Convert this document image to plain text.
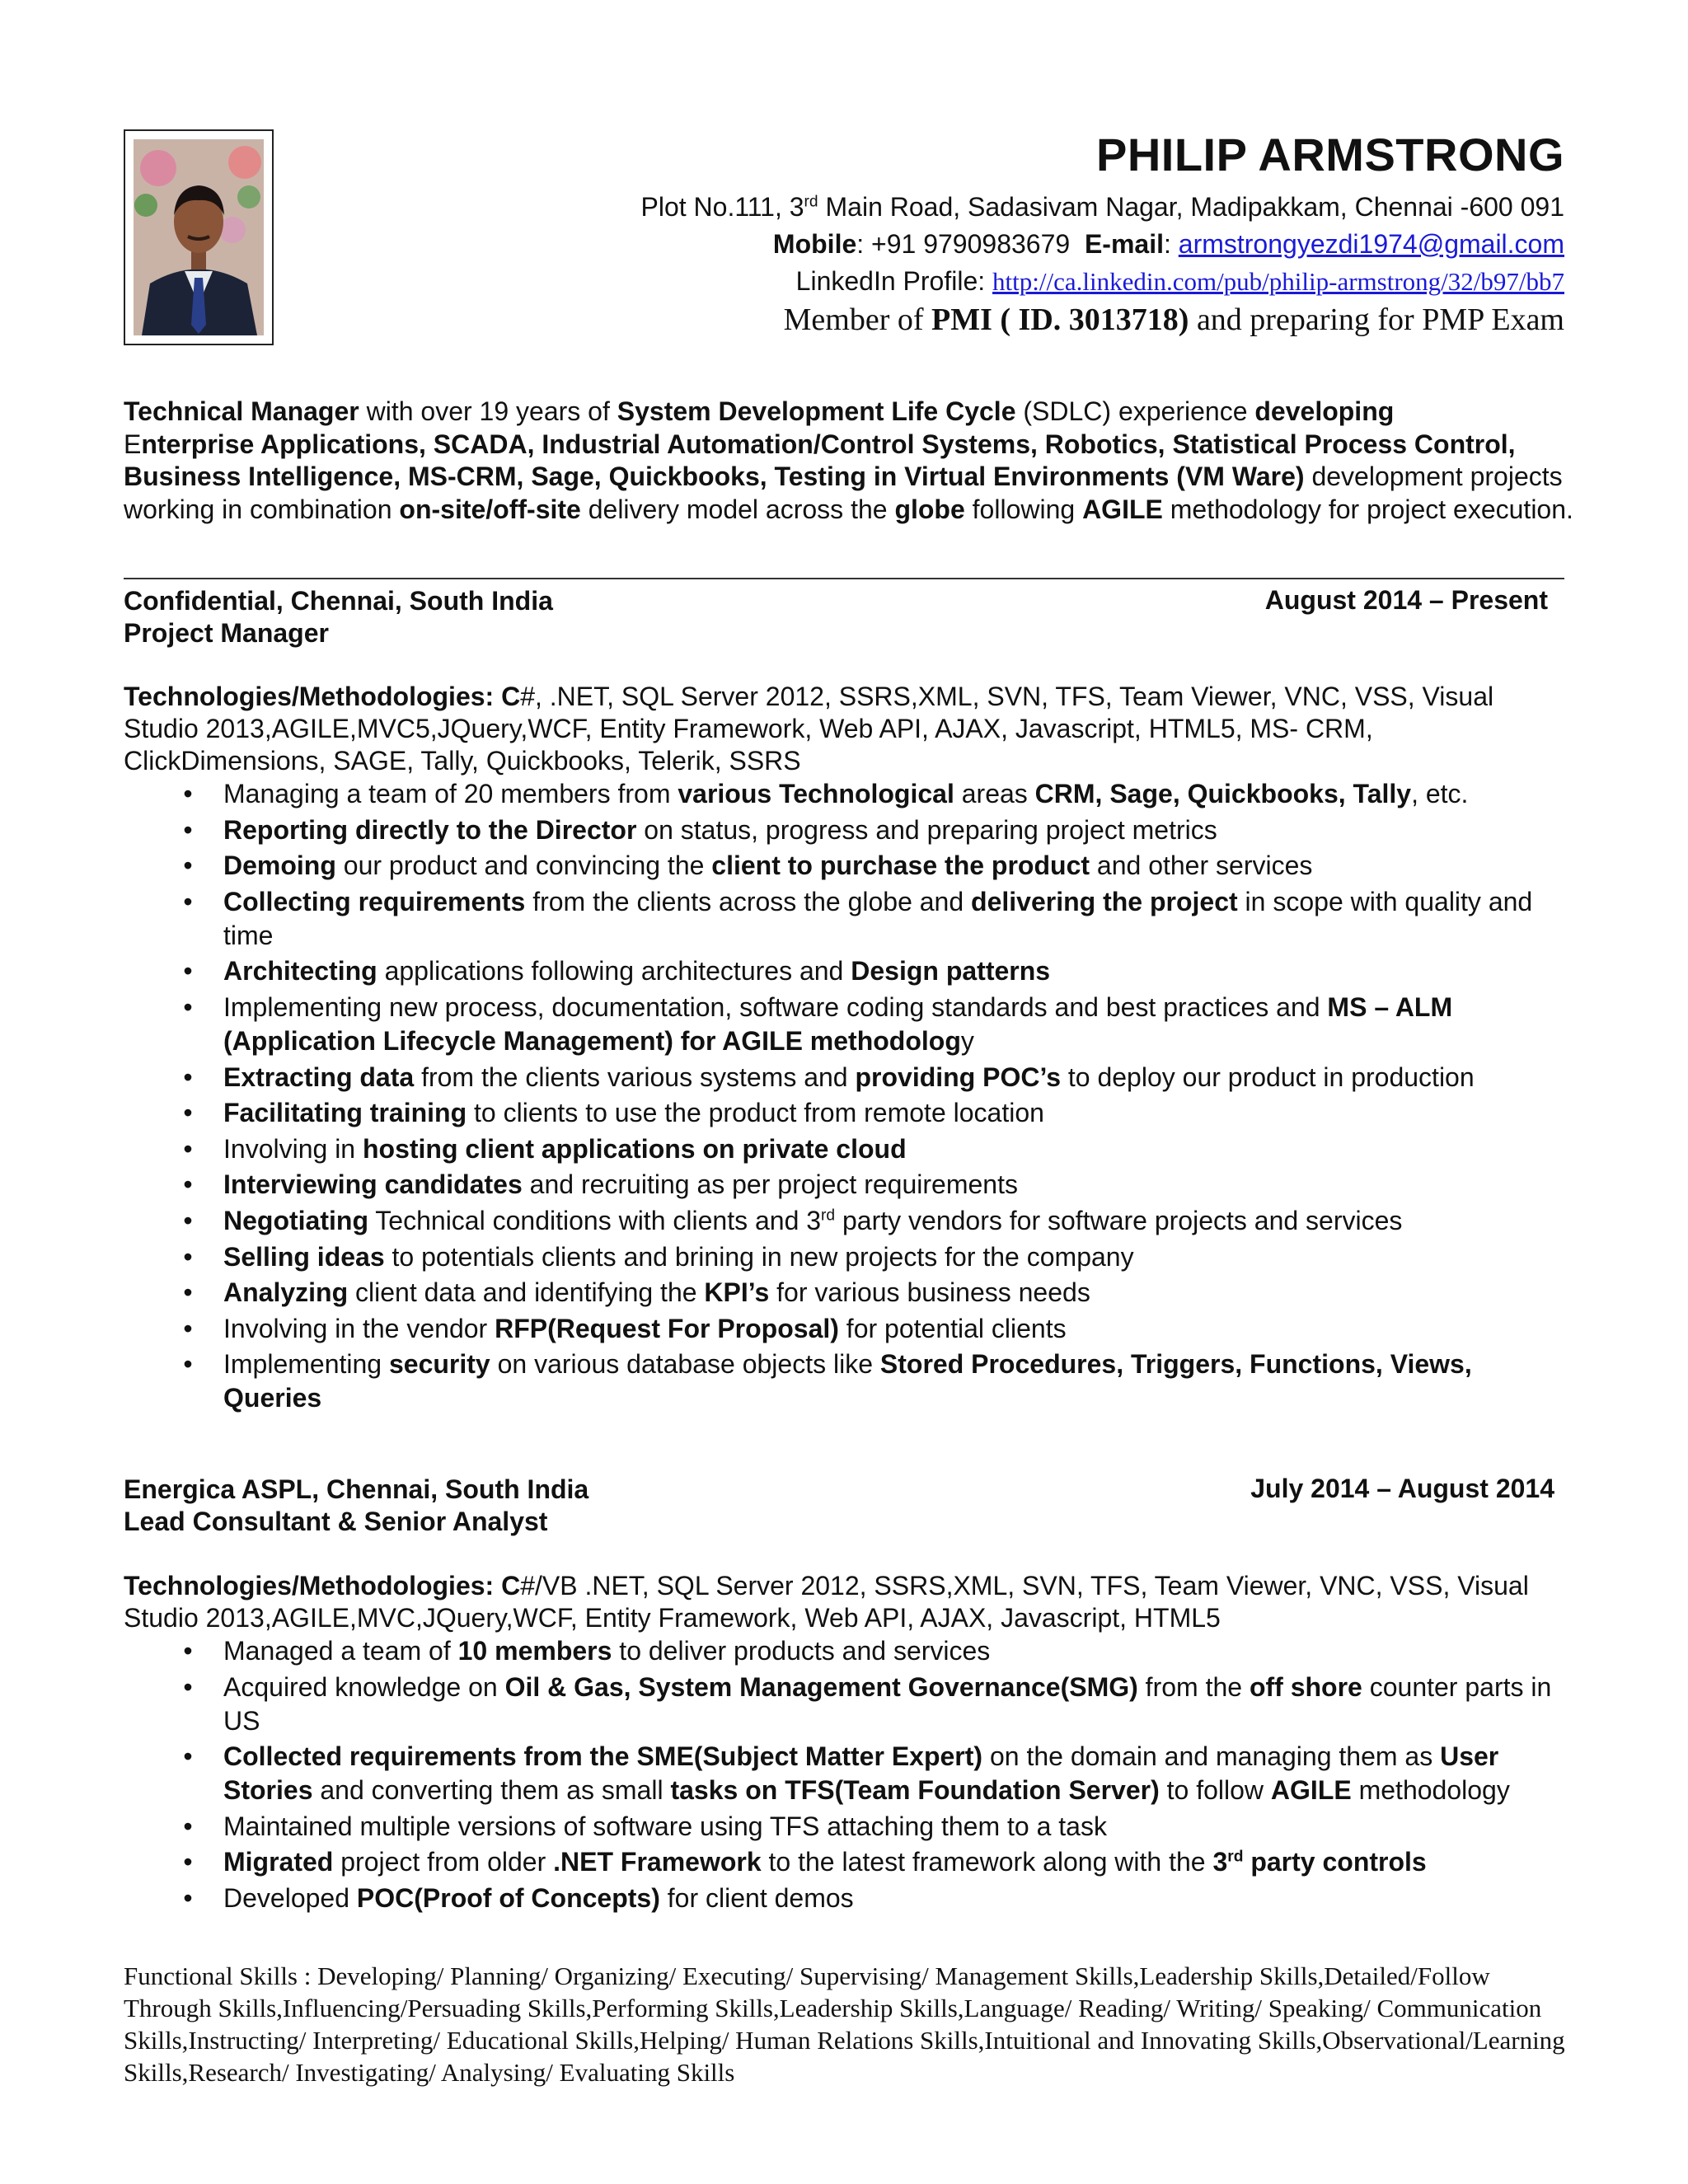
PHILIP ARMSTRONG
Plot No.111, 3rd Main Road, Sadasivam Nagar, Madipakkam, Chennai -600 091
Mobile: +91 9790983679 E-mail: armstrongyezdi1974@gmail.com
LinkedIn Profile: http://ca.linkedin.com/pub/philip-armstrong/32/b97/bb7
Member of PMI ( ID. 3013718) and preparing for PMP Exam
Technical Manager with over 19 years of System Development Life Cycle (SDLC) experience developing
Enterprise Applications, SCADA, Industrial Automation/Control Systems, Robotics, Statistical Process Control, Business Intelligence, MS-CRM, Sage, Quickbooks, Testing in Virtual Environments (VM Ware) development projects working in combination on-site/off-site delivery model across the globe following AGILE methodology for project execution.
Confidential, Chennai, South India
Project Manager
August 2014 – Present
Technologies/Methodologies: C#, .NET, SQL Server 2012, SSRS,XML, SVN, TFS, Team Viewer, VNC, VSS, Visual Studio 2013,AGILE,MVC5,JQuery,WCF, Entity Framework, Web API, AJAX, Javascript, HTML5, MS- CRM, ClickDimensions, SAGE, Tally, Quickbooks, Telerik, SSRS
• Managing a team of 20 members from various Technological areas CRM, Sage, Quickbooks, Tally, etc.
• Reporting directly to the Director on status, progress and preparing project metrics
• Demoing our product and convincing the client to purchase the product and other services
• Collecting requirements from the clients across the globe and delivering the project in scope with quality and time
• Architecting applications following architectures and Design patterns
• Implementing new process, documentation, software coding standards and best practices and MS – ALM (Application Lifecycle Management) for AGILE methodology
• Extracting data from the clients various systems and providing POC’s to deploy our product in production
• Facilitating training to clients to use the product from remote location
• Involving in hosting client applications on private cloud
• Interviewing candidates and recruiting as per project requirements
• Negotiating Technical conditions with clients and 3rd party vendors for software projects and services
• Selling ideas to potentials clients and brining in new projects for the company
• Analyzing client data and identifying the KPI’s for various business needs
• Involving in the vendor RFP(Request For Proposal) for potential clients
• Implementing security on various database objects like Stored Procedures, Triggers, Functions, Views, Queries
Energica ASPL, Chennai, South India
Lead Consultant & Senior Analyst
July 2014 – August 2014
Technologies/Methodologies: C#/VB .NET, SQL Server 2012, SSRS,XML, SVN, TFS, Team Viewer, VNC, VSS, Visual Studio 2013,AGILE,MVC,JQuery,WCF, Entity Framework, Web API, AJAX, Javascript, HTML5
• Managed a team of 10 members to deliver products and services
• Acquired knowledge on Oil & Gas, System Management Governance(SMG) from the off shore counter parts in US
• Collected requirements from the SME(Subject Matter Expert) on the domain and managing them as User Stories and converting them as small tasks on TFS(Team Foundation Server) to follow AGILE methodology
• Maintained multiple versions of software using TFS attaching them to a task
• Migrated project from older .NET Framework to the latest framework along with the 3rd party controls
• Developed POC(Proof of Concepts) for client demos
Functional Skills : Developing/ Planning/ Organizing/ Executing/ Supervising/ Management Skills,Leadership Skills,Detailed/Follow Through Skills,Influencing/Persuading Skills,Performing Skills,Leadership Skills,Language/ Reading/ Writing/ Speaking/ Communication Skills,Instructing/ Interpreting/ Educational Skills,Helping/ Human Relations Skills,Intuitional and Innovating Skills,Observational/Learning Skills,Research/ Investigating/ Analysing/ Evaluating Skills
